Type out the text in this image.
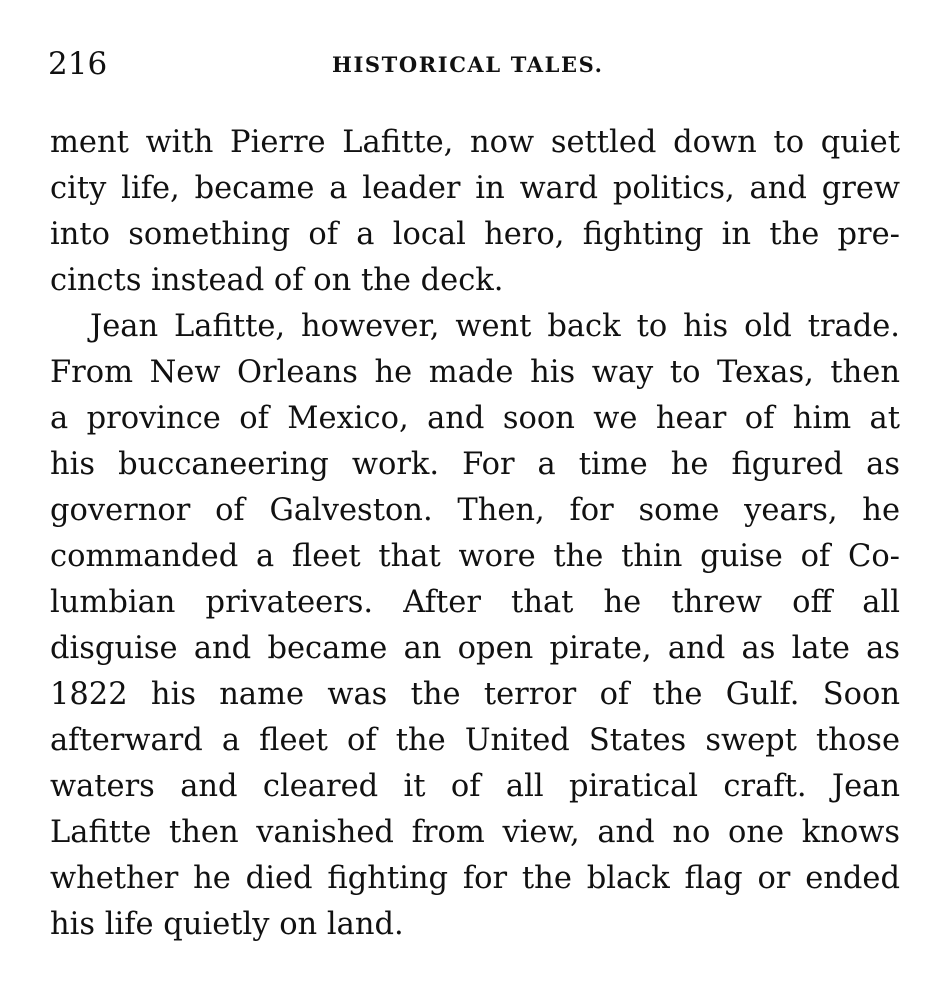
216	HISTORICAL TALES.
ment with Pierre Lafitte, now settled down to quiet
city life, became a leader in ward politics, and grew
into something of a local hero, fighting in the pre-
cincts instead of on the deck.
Jean Lafitte, however, went back to his old trade.
From New Orleans he made his way to Texas, then
a province of Mexico, and soon we hear of him at
his buccaneering work. For a time he figured as
governor of Galveston. Then, for some years, he
commanded a fleet that wore the thin guise of Co-
lumbian privateers. After that he threw off all
disguise and became an open pirate, and as late as
1822 his name was the terror of the Gulf. Soon
afterward a fleet of the United States swept those
waters and cleared it of all piratical craft. Jean
Lafitte then vanished from view, and no one knows
whether he died fighting for the black flag or ended
his life quietly on land.
